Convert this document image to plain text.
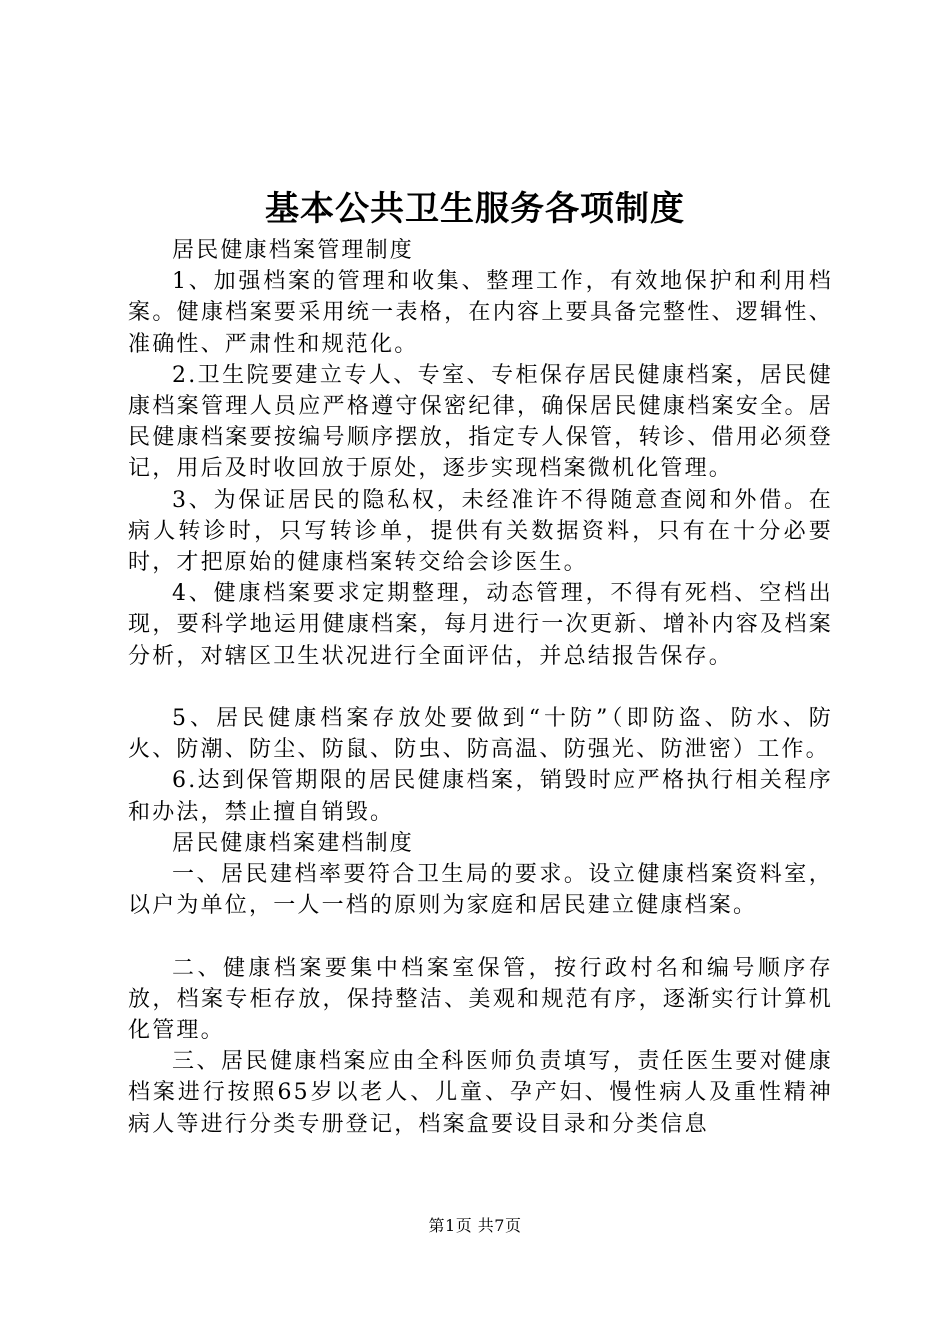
基本公共卫生服务各项制度

居民健康档案管理制度

1、加强档案的管理和收集、整理工作，有效地保护和利用档案。健康档案要采用统一表格，在内容上要具备完整性、逻辑性、准确性、严肃性和规范化。

2.卫生院要建立专人、专室、专柜保存居民健康档案，居民健康档案管理人员应严格遵守保密纪律，确保居民健康档案安全。居民健康档案要按编号顺序摆放，指定专人保管，转诊、借用必须登记，用后及时收回放于原处，逐步实现档案微机化管理。

3、为保证居民的隐私权，未经准许不得随意查阅和外借。在病人转诊时，只写转诊单，提供有关数据资料，只有在十分必要时，才把原始的健康档案转交给会诊医生。

4、健康档案要求定期整理，动态管理，不得有死档、空档出现，要科学地运用健康档案，每月进行一次更新、增补内容及档案分析，对辖区卫生状况进行全面评估，并总结报告保存。

5、居民健康档案存放处要做到“十防”（即防盗、防水、防火、防潮、防尘、防鼠、防虫、防高温、防强光、防泄密）工作。

6.达到保管期限的居民健康档案，销毁时应严格执行相关程序和办法，禁止擅自销毁。

居民健康档案建档制度

一、居民建档率要符合卫生局的要求。设立健康档案资料室，以户为单位，一人一档的原则为家庭和居民建立健康档案。

二、健康档案要集中档案室保管，按行政村名和编号顺序存放，档案专柜存放，保持整洁、美观和规范有序，逐渐实行计算机化管理。

三、居民健康档案应由全科医师负责填写，责任医生要对健康档案进行按照65岁以老人、儿童、孕产妇、慢性病人及重性精神病人等进行分类专册登记，档案盒要设目录和分类信息

第1页 共7页
